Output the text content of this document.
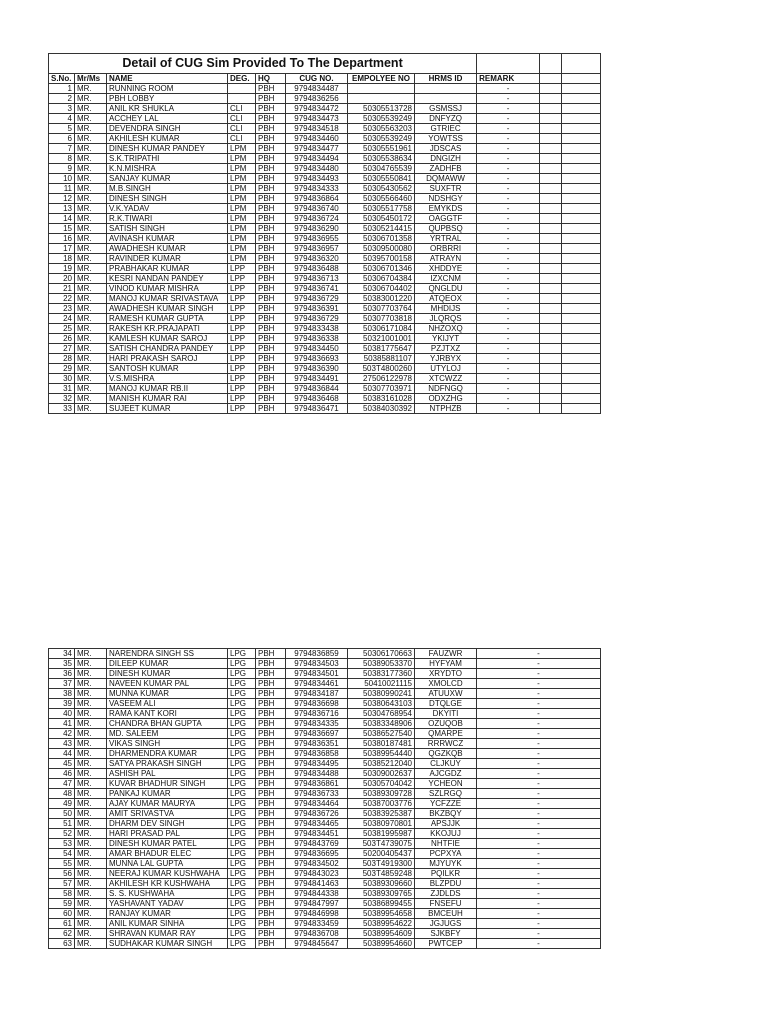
Detail of CUG Sim Provided To The Department										
S.No.	Mr/Ms	NAME	DEG.	HQ	CUG NO.	EMPOLYEE NO	HRMS ID	REMARK		
1	MR.	RUNNING ROOM		PBH	9794834487			-		
2	MR.	PBH LOBBY		PBH	9794836256			-		
3	MR.	ANIL KR SHUKLA	CLI	PBH	9794834472	50305513728	GSMSSJ	-		
4	MR.	ACCHEY LAL	CLI	PBH	9794834473	50305539249	DNFYZQ	-		
5	MR.	DEVENDRA SINGH	CLI	PBH	9794834518	50305563203	GTRIEC	-		
6	MR.	AKHILESH KUMAR	CLI	PBH	9794834460	50305539249	YOWTSS	-		
7	MR.	DINESH KUMAR PANDEY	LPM	PBH	9794834477	50305551961	JDSCAS	-		
8	MR.	S.K.TRIPATHI	LPM	PBH	9794834494	50305538634	DNGIZH	-		
9	MR.	K.N.MISHRA	LPM	PBH	9794834480	50304765539	ZADHFB	-		
10	MR.	SANJAY KUMAR	LPM	PBH	9794834493	50305550841	DQMAWW	-		
11	MR.	M.B.SINGH	LPM	PBH	9794834333	50305430562	SUXFTR	-		
12	MR.	DINESH SINGH	LPM	PBH	9794836864	50305566460	NDSHGY	-		
13	MR.	V.K.YADAV	LPM	PBH	9794836740	50305517758	EMYKDS	-		
14	MR.	R.K.TIWARI	LPM	PBH	9794836724	50305450172	OAGGTF	-		
15	MR.	SATISH SINGH	LPM	PBH	9794836290	50305214415	QUPBSQ	-		
16	MR.	AVINASH KUMAR	LPM	PBH	9794836955	50306701358	YRTRAL	-		
17	MR.	AWADHESH KUMAR	LPM	PBH	9794836957	50309500080	ORBRRI	-		
18	MR.	RAVINDER KUMAR	LPM	PBH	9794836320	50395700158	ATRAYN	-		
19	MR.	PRABHAKAR KUMAR	LPP	PBH	9794836488	50306701346	XHDDYE	-		
20	MR.	KESRI NANDAN PANDEY	LPP	PBH	9794836713	50306704384	IZXCNM	-		
21	MR.	VINOD KUMAR MISHRA	LPP	PBH	9794836741	50306704402	QNGLDU	-		
22	MR.	MANOJ KUMAR SRIVASTAVA	LPP	PBH	9794836729	50383001220	ATQEOX	-		
23	MR.	AWADHESH KUMAR SINGH	LPP	PBH	9794836391	50307703764	MHDIJS	-		
24	MR.	RAMESH KUMAR GUPTA	LPP	PBH	9794836729	50307703818	JLQRQS	-		
25	MR.	RAKESH KR.PRAJAPATI	LPP	PBH	9794833438	50306171084	NHZOXQ	-		
26	MR.	KAMLESH KUMAR SAROJ	LPP	PBH	9794836338	50321001001	YKIJYT	-		
27	MR.	SATISH CHANDRA PANDEY	LPP	PBH	9794834450	50381775647	PZJTXZ	-		
28	MR.	HARI PRAKASH SAROJ	LPP	PBH	9794836693	50385881107	YJRBYX	-		
29	MR.	SANTOSH KUMAR	LPP	PBH	9794836390	503T4800260	UTYLOJ	-		
30	MR.	V.S.MISHRA	LPP	PBH	9794834491	27506122978	XTCWZZ	-		
31	MR.	MANOJ KUMAR RB.II	LPP	PBH	9794836844	50307703971	NDFNGQ	-		
32	MR.	MANISH KUMAR RAI	LPP	PBH	9794836468	50383161028	ODXZHG	-		
33	MR.	SUJEET KUMAR	LPP	PBH	9794836471	50384030392	NTPHZB	-		
34	MR.	NARENDRA SINGH SS	LPG	PBH	9794836859	50306170663	FAUZWR	-
35	MR.	DILEEP KUMAR	LPG	PBH	9794834503	50389053370	HYFYAM	-
36	MR.	DINESH KUMAR	LPG	PBH	9794834501	50383177360	XRYDTO	-
37	MR.	NAVEEN KUMAR PAL	LPG	PBH	9794834461	50410021115	XMOLCD	-
38	MR.	MUNNA KUMAR	LPG	PBH	9794834187	50380990241	ATUUXW	-
39	MR.	VASEEM ALI	LPG	PBH	9794836698	50380643103	DTQLGE	-
40	MR.	RAMA KANT KORI	LPG	PBH	9794836716	50304768954	DKYITI	-
41	MR.	CHANDRA BHAN GUPTA	LPG	PBH	9794834335	50383348906	OZUQOB	-
42	MR.	MD. SALEEM	LPG	PBH	9794836697	50386527540	QMARPE	-
43	MR.	VIKAS SINGH	LPG	PBH	9794836351	50380187481	RRRWCZ	-
44	MR.	DHARMENDRA KUMAR	LPG	PBH	9794836858	50389954440	QGZKQB	-
45	MR.	SATYA PRAKASH SINGH	LPG	PBH	9794834495	50385212040	CLJKUY	-
46	MR.	ASHISH PAL	LPG	PBH	9794834488	50309002637	AJCGDZ	-
47	MR.	KUVAR BHADHUR SINGH	LPG	PBH	9794836861	50305704042	YCHEON	-
48	MR.	PANKAJ KUMAR	LPG	PBH	9794836733	50389309728	SZLRGQ	-
49	MR.	AJAY KUMAR MAURYA	LPG	PBH	9794834464	50387003776	YCFZZE	-
50	MR.	AMIT SRIVASTVA	LPG	PBH	9794836726	50383925387	BKZBQY	-
51	MR.	DHARM DEV SINGH	LPG	PBH	9794834465	50380970801	APSJJK	-
52	MR.	HARI PRASAD PAL	LPG	PBH	9794834451	50381995987	KKOJUJ	-
53	MR.	DINESH KUMAR PATEL	LPG	PBH	9794843769	503T4739075	NHTFIE	-
54	MR.	AMAR BHADUR ELEC	LPG	PBH	9794836695	50200405437	PCPXYA	-
55	MR.	MUNNA LAL GUPTA	LPG	PBH	9794834502	503T4919300	MJYUYK	-
56	MR.	NEERAJ KUMAR KUSHWAHA	LPG	PBH	9794843023	503T4859248	PQILKR	-
57	MR.	AKHILESH KR KUSHWAHA	LPG	PBH	9794841463	50389309660	BLZPDU	-
58	MR.	S. S. KUSHWAHA	LPG	PBH	9794844338	50389309765	ZJDLDS	-
59	MR.	YASHAVANT YADAV	LPG	PBH	9794847997	50386899455	FNSEFU	-
60	MR.	RANJAY KUMAR	LPG	PBH	9794846998	50389954658	BMCEUH	-
61	MR.	ANIL KUMAR SINHA	LPG	PBH	9794833459	50389954622	JGJUGS	-
62	MR.	SHRAVAN KUMAR RAY	LPG	PBH	9794836708	50389954609	SJKBFY	-
63	MR.	SUDHAKAR KUMAR SINGH	LPG	PBH	9794845647	50389954660	PWTCEP	-
